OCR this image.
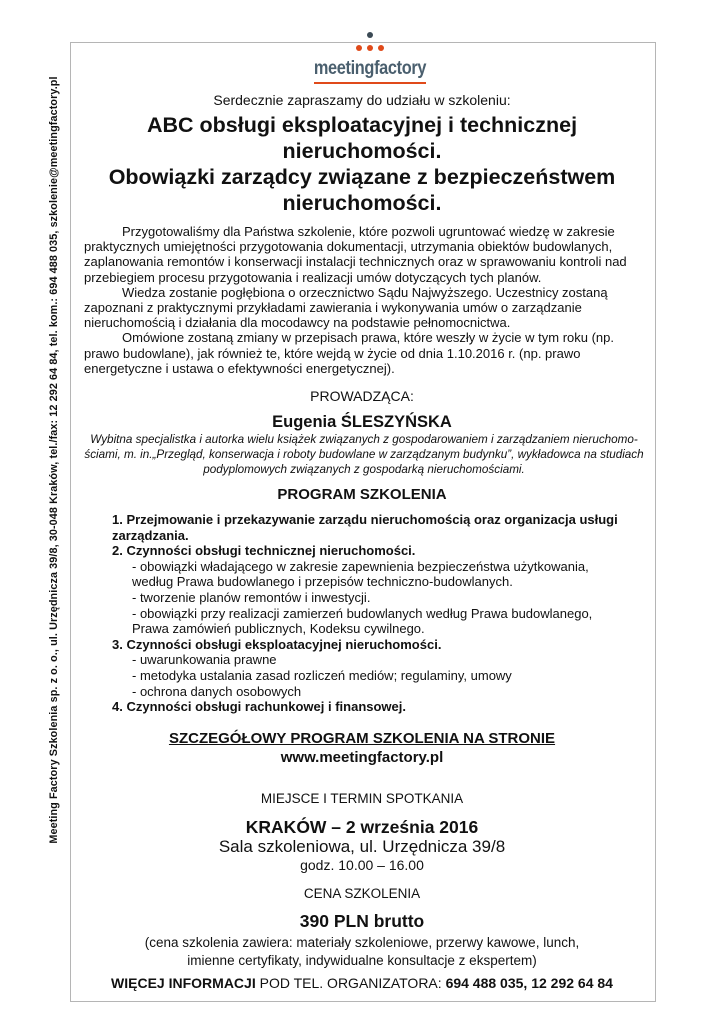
Meeting Factory Szkolenia sp. z o. o., ul. Urzędnicza 39/8, 30-048 Kraków, tel./fax: 12 292 64 84, tel. kom.: 694 488 035, szkolenie@meetingfactory.pl
meetingfactory
Serdecznie zapraszamy do udziału w szkoleniu:
ABC obsługi eksploatacyjnej i technicznej
nieruchomości.
Obowiązki zarządcy związane z bezpieczeństwem
nieruchomości.

Przygotowaliśmy dla Państwa szkolenie, które pozwoli ugruntować wiedzę w zakresie praktycznych umiejętności przygotowania dokumentacji, utrzymania obiektów budowlanych, zaplanowania remontów i konserwacji instalacji technicznych oraz w sprawowaniu kontroli nad przebiegiem procesu przygotowania i realizacji umów dotyczących tych planów.

Wiedza zostanie pogłębiona o orzecznictwo Sądu Najwyższego. Uczestnicy zostaną zapoznani z praktycznymi przykładami zawierania i wykonywania umów o zarządzanie nieruchomością i działania dla mocodawcy na podstawie pełnomocnictwa.

Omówione zostaną zmiany w przepisach prawa, które weszły w życie w tym roku (np. prawo budowlane), jak również te, które wejdą w życie od dnia 1.10.2016 r. (np. prawo energetyczne i ustawa o efektywności energetycznej).

PROWADZĄCA:
Eugenia ŚLESZYŃSKA
Wybitna specjalistka i autorka wielu książek związanych z gospodarowaniem i zarządzaniem nieruchomo-
ściami, m. in.„Przegląd, konserwacja i roboty budowlane w zarządzanym budynku”, wykładowca na studiach
podyplomowych związanych z gospodarką nieruchomościami.
PROGRAM SZKOLENIA
1. Przejmowanie i przekazywanie zarządu nieruchomością oraz organizacja usługi
zarządzania.
2. Czynności obsługi technicznej nieruchomości.
- obowiązki władającego w zakresie zapewnienia bezpieczeństwa użytkowania,
według Prawa budowlanego i przepisów techniczno-budowlanych.
- tworzenie planów remontów i inwestycji.
- obowiązki przy realizacji zamierzeń budowlanych według Prawa budowlanego,
Prawa zamówień publicznych, Kodeksu cywilnego.
3. Czynności obsługi eksploatacyjnej nieruchomości.
- uwarunkowania prawne
- metodyka ustalania zasad rozliczeń mediów; regulaminy, umowy
- ochrona danych osobowych
4. Czynności obsługi rachunkowej i finansowej.
SZCZEGÓŁOWY PROGRAM SZKOLENIA NA STRONIE
www.meetingfactory.pl
MIEJSCE I TERMIN SPOTKANIA
KRAKÓW – 2 września 2016
Sala szkoleniowa, ul. Urzędnicza 39/8
godz. 10.00 – 16.00
CENA SZKOLENIA
390 PLN brutto
(cena szkolenia zawiera: materiały szkoleniowe, przerwy kawowe, lunch,
imienne certyfikaty, indywidualne konsultacje z ekspertem)
WIĘCEJ INFORMACJI POD TEL. ORGANIZATORA: 694 488 035, 12 292 64 84
